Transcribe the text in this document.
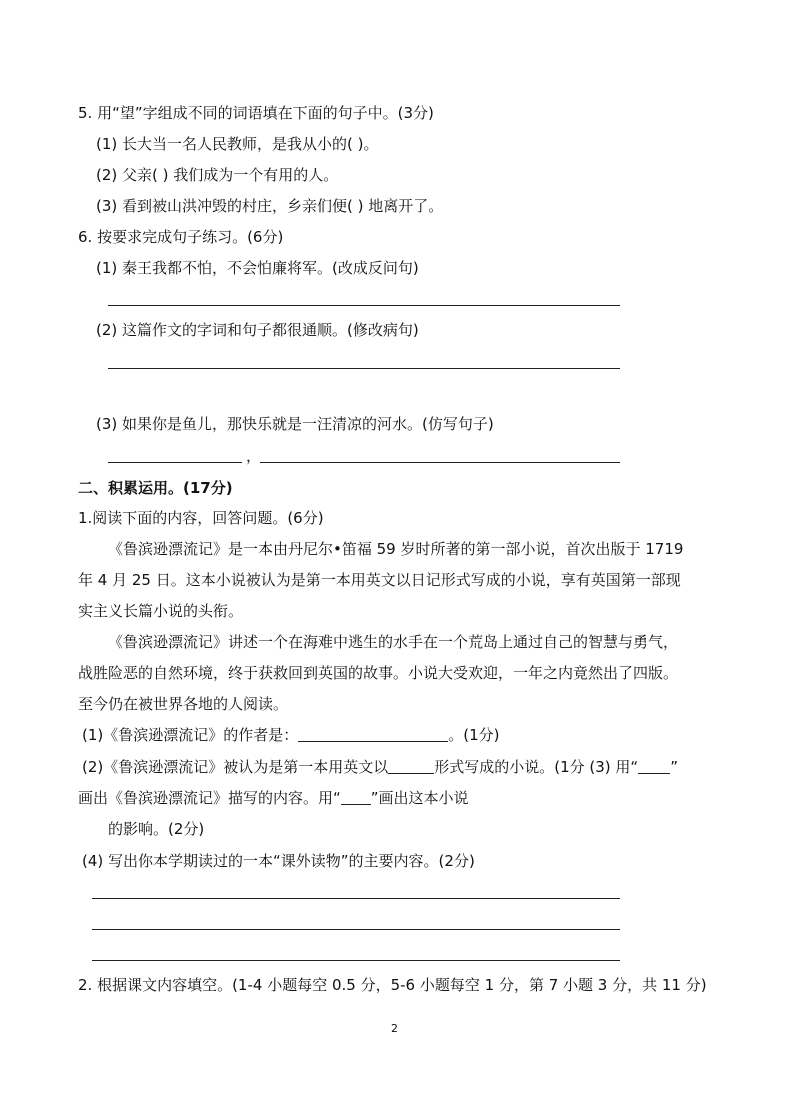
5. 用“望”字组成不同的词语填在下面的句子中。(3分)
(1) 长大当一名人民教师，是我从小的( )。
(2) 父亲( ) 我们成为一个有用的人。
(3) 看到被山洪冲毁的村庄，乡亲们便( ) 地离开了。
6. 按要求完成句子练习。(6分)
(1) 秦王我都不怕，不会怕廉将军。(改成反问句)
(2) 这篇作文的字词和句子都很通顺。(修改病句)
(3) 如果你是鱼儿，那快乐就是一汪清凉的河水。(仿写句子)
，
二、积累运用。(17分)
1.阅读下面的内容，回答问题。(6分)
《鲁滨逊漂流记》是一本由丹尼尔•笛福 59 岁时所著的第一部小说，首次出版于 1719
年 4 月 25 日。这本小说被认为是第一本用英文以日记形式写成的小说，享有英国第一部现
实主义长篇小说的头衔。
《鲁滨逊漂流记》讲述一个在海难中逃生的水手在一个荒岛上通过自己的智慧与勇气，
战胜险恶的自然环境，终于获救回到英国的故事。小说大受欢迎，一年之内竟然出了四版。
至今仍在被世界各地的人阅读。
(1)《鲁滨逊漂流记》的作者是：	。(1分)
(2)《鲁滨逊漂流记》被认为是第一本用英文以	形式写成的小说。(1分 (3) 用“ ”
画出《鲁滨逊漂流记》描写的内容。用“ ”画出这本小说
的影响。(2分)
(4) 写出你本学期读过的一本“课外读物”的主要内容。(2分)
2. 根据课文内容填空。(1-4 小题每空 0.5 分，5-6 小题每空 1 分，第 7 小题 3 分，共 11 分)
2
